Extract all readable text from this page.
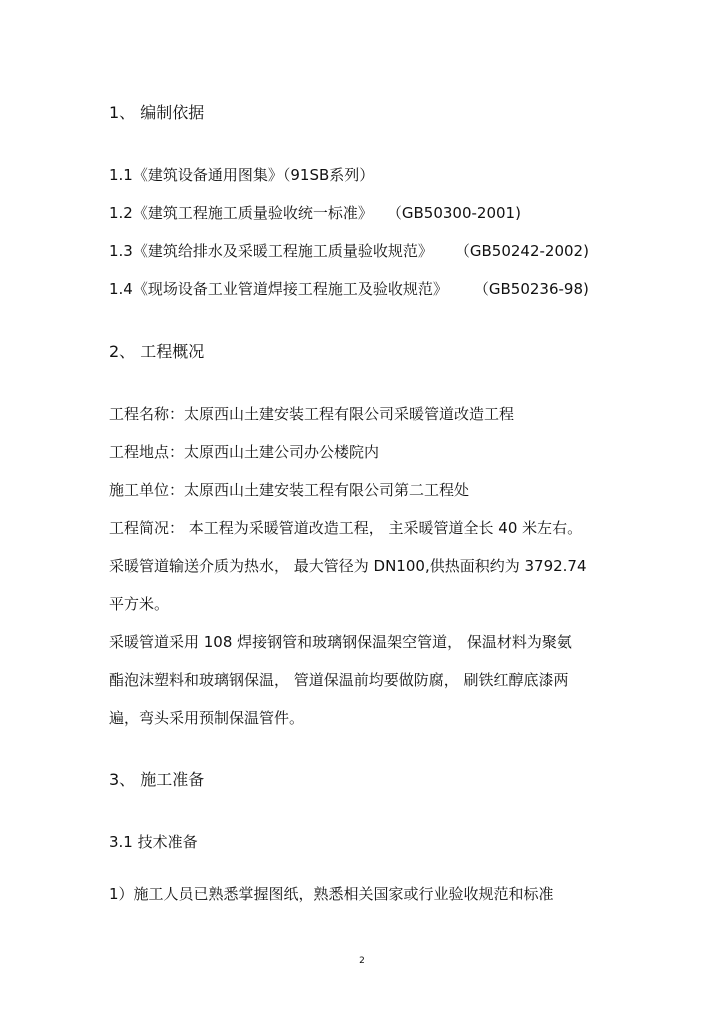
1、 编制依据
1.1《建筑设备通用图集》（91SB系列）
1.2《建筑工程施工质量验收统一标准》 （GB50300-2001)
1.3《建筑给排水及采暖工程施工质量验收规范》 （GB50242-2002)
1.4《现场设备工业管道焊接工程施工及验收规范》 （GB50236-98)
2、 工程概况
工程名称：太原西山土建安装工程有限公司采暖管道改造工程
工程地点：太原西山土建公司办公楼院内
施工单位：太原西山土建安装工程有限公司第二工程处
工程简况： 本工程为采暖管道改造工程， 主采暖管道全长 40 米左右。
采暖管道输送介质为热水， 最大管径为 DN100,供热面积约为 3792.74
平方米。
采暖管道采用 108 焊接钢管和玻璃钢保温架空管道， 保温材料为聚氨
酯泡沫塑料和玻璃钢保温， 管道保温前均要做防腐， 刷铁红醇底漆两
遍，弯头采用预制保温管件。
3、 施工准备
3.1 技术准备
1）施工人员已熟悉掌握图纸，熟悉相关国家或行业验收规范和标准
2
